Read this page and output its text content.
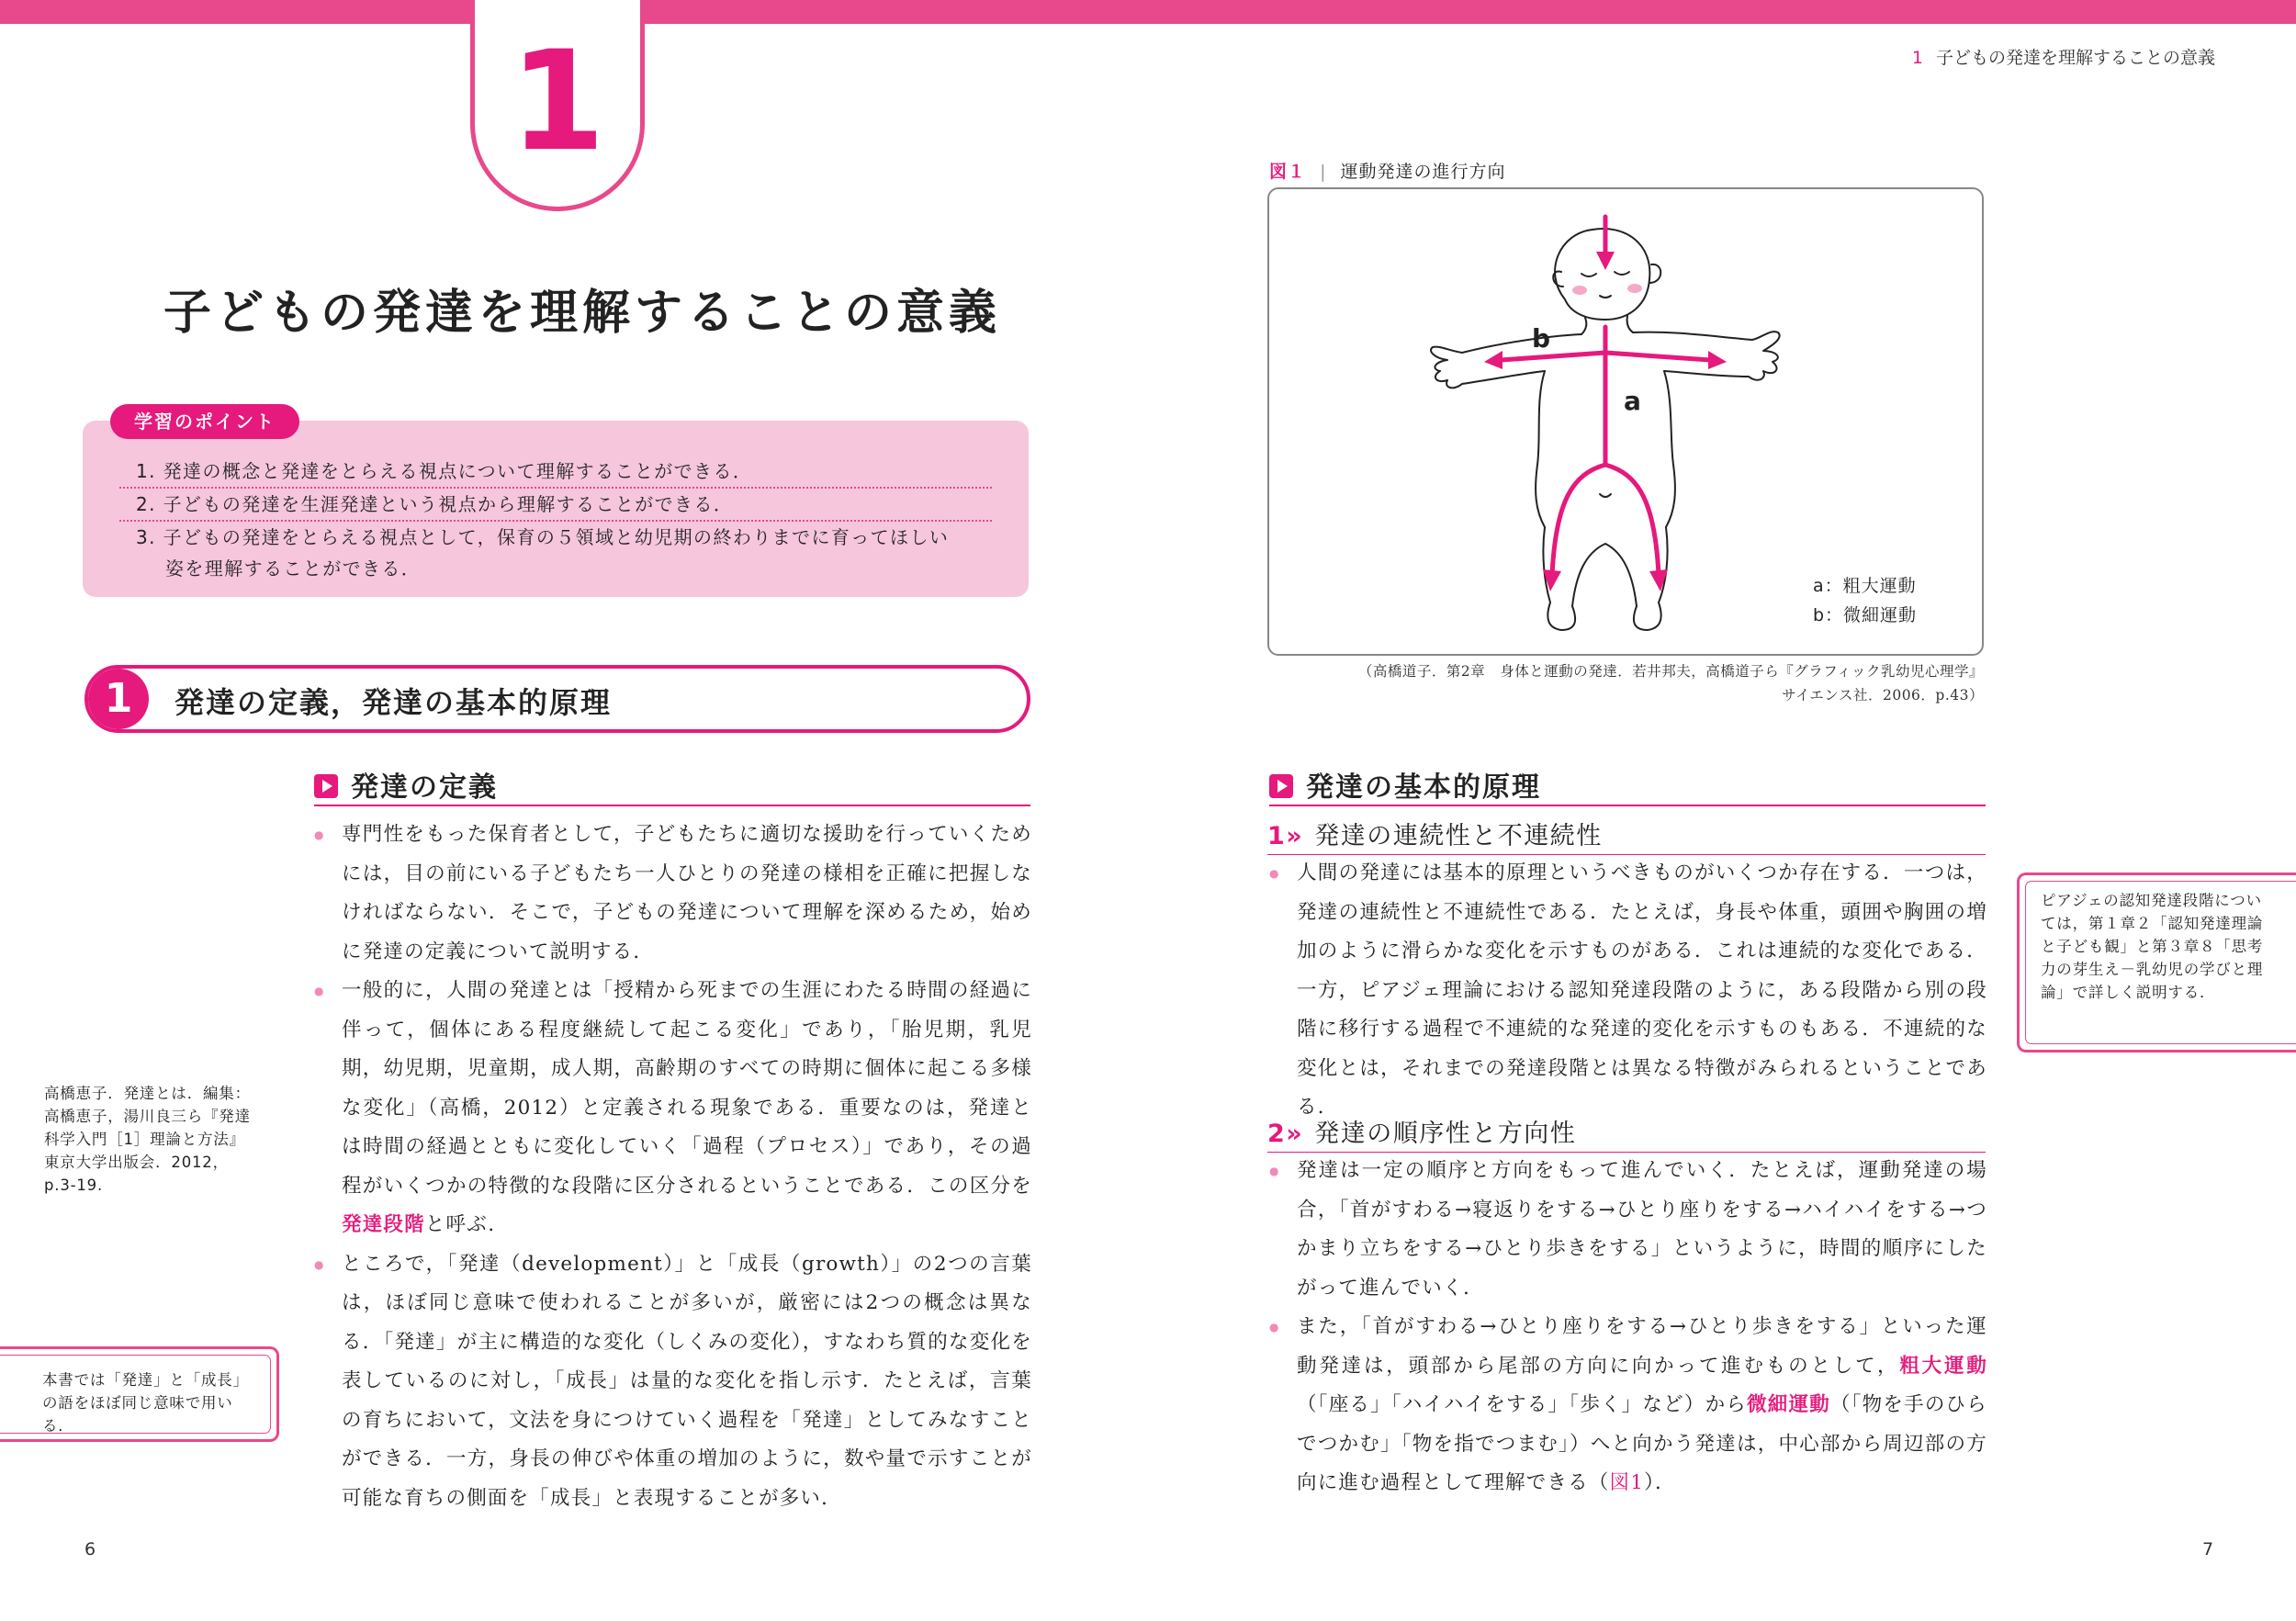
1	1 子どもの発達を理解することの意義
子どもの発達を理解することの意義
学習のポイント
1. 発達の概念と発達をとらえる視点について理解することができる．
2. 子どもの発達を生涯発達という視点から理解することができる．
3. 子どもの発達をとらえる視点として，保育の５領域と幼児期の終わりまでに育ってほしい
姿を理解することができる．
1	発達の定義，発達の基本的原理
発達の定義

● 専門性をもった保育者として，子どもたちに適切な援助を行っていくためには，目の前にいる子どもたち一人ひとりの発達の様相を正確に把握しなければならない．そこで，子どもの発達について理解を深めるため，始めに発達の定義について説明する．

● 一般的に，人間の発達とは「授精から死までの生涯にわたる時間の経過に伴って，個体にある程度継続して起こる変化」であり，「胎児期，乳児期，幼児期，児童期，成人期，高齢期のすべての時期に個体に起こる多様な変化」（高橋，2012）と定義される現象である．重要なのは，発達とは時間の経過とともに変化していく「過程（プロセス）」であり，その過程がいくつかの特徴的な段階に区分されるということである．この区分を発達段階と呼ぶ．

● ところで，「発達（development）」と「成長（growth）」の2つの言葉は，ほぼ同じ意味で使われることが多いが，厳密には2つの概念は異なる．「発達」が主に構造的な変化（しくみの変化），すなわち質的な変化を表しているのに対し，「成長」は量的な変化を指し示す．たとえば，言葉の育ちにおいて，文法を身につけていく過程を「発達」としてみなすことができる．一方，身長の伸びや体重の増加のように，数や量で示すことが可能な育ちの側面を「成長」と表現することが多い．

高橋恵子．発達とは．編集：高橋恵子，湯川良三ら『発達科学入門［1］理論と方法』東京大学出版会．2012，p.3-19.
本書では「発達」と「成長」の語をほぼ同じ意味で用いる．
6
図１ | 運動発達の進行方向
b
a
a：粗大運動
b：微細運動
（高橋道子．第2章　身体と運動の発達．若井邦夫，高橋道子ら『グラフィック乳幼児心理学』
サイエンス社．2006．p.43）
発達の基本的原理
1» 発達の連続性と不連続性

● 人間の発達には基本的原理というべきものがいくつか存在する．一つは，発達の連続性と不連続性である．たとえば，身長や体重，頭囲や胸囲の増加のように滑らかな変化を示すものがある．これは連続的な変化である．一方，ピアジェ理論における認知発達段階のように，ある段階から別の段階に移行する過程で不連続的な発達的変化を示すものもある．不連続的な変化とは，それまでの発達段階とは異なる特徴がみられるということである．

2» 発達の順序性と方向性

● 発達は一定の順序と方向をもって進んでいく．たとえば，運動発達の場合，「首がすわる→寝返りをする→ひとり座りをする→ハイハイをする→つかまり立ちをする→ひとり歩きをする」というように，時間的順序にしたがって進んでいく．

● また，「首がすわる→ひとり座りをする→ひとり歩きをする」といった運動発達は，頭部から尾部の方向に向かって進むものとして，粗大運動（「座る」「ハイハイをする」「歩く」など）から微細運動（「物を手のひらでつかむ」「物を指でつまむ」）へと向かう発達は，中心部から周辺部の方向に進む過程として理解できる（図1）．

ピアジェの認知発達段階については，第１章２「認知発達理論と子ども観」と第３章８「思考力の芽生え－乳幼児の学びと理論」で詳しく説明する．
7
